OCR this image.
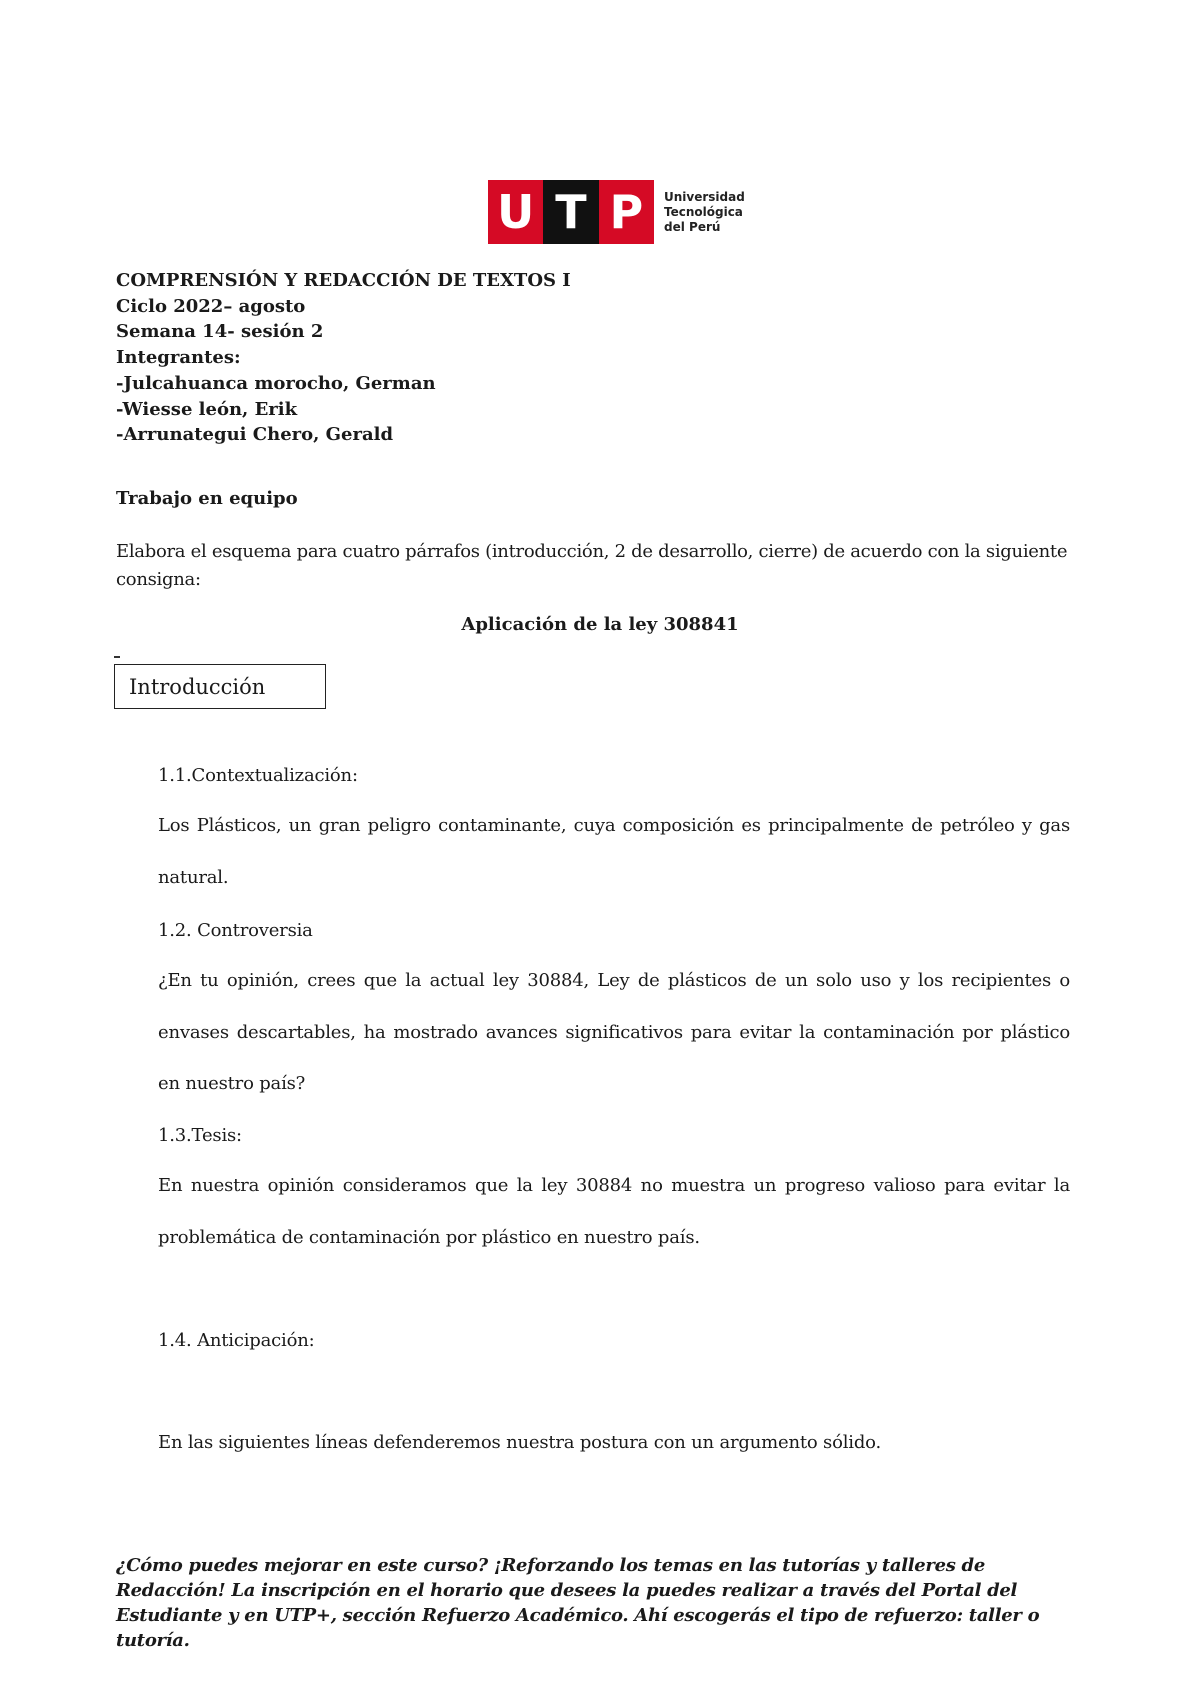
U T P	Universidad
Tecnológica
del Perú
COMPRENSIÓN Y REDACCIÓN DE TEXTOS I
Ciclo 2022– agosto
Semana 14- sesión 2
Integrantes:
-Julcahuanca morocho, German
-Wiesse león, Erik
-Arrunategui Chero, Gerald
Trabajo en equipo
Elabora el esquema para cuatro párrafos (introducción, 2 de desarrollo, cierre) de acuerdo con la siguiente consigna:
Aplicación de la ley 308841
Introducción
1.1.Contextualización:
Los Plásticos, un gran peligro contaminante, cuya composición es principalmente de petróleo y gas natural.
1.2. Controversia
¿En tu opinión, crees que la actual ley 30884, Ley de plásticos de un solo uso y los recipientes o envases descartables, ha mostrado avances significativos para evitar la contaminación por plástico en nuestro país?
1.3.Tesis:
En nuestra opinión consideramos que la ley 30884 no muestra un progreso valioso para evitar la problemática de contaminación por plástico en nuestro país.
1.4. Anticipación:
En las siguientes líneas defenderemos nuestra postura con un argumento sólido.
¿Cómo puedes mejorar en este curso? ¡Reforzando los temas en las tutorías y talleres de Redacción! La inscripción en el horario que desees la puedes realizar a través del Portal del Estudiante y en UTP+, sección Refuerzo Académico. Ahí escogerás el tipo de refuerzo: taller o tutoría.
